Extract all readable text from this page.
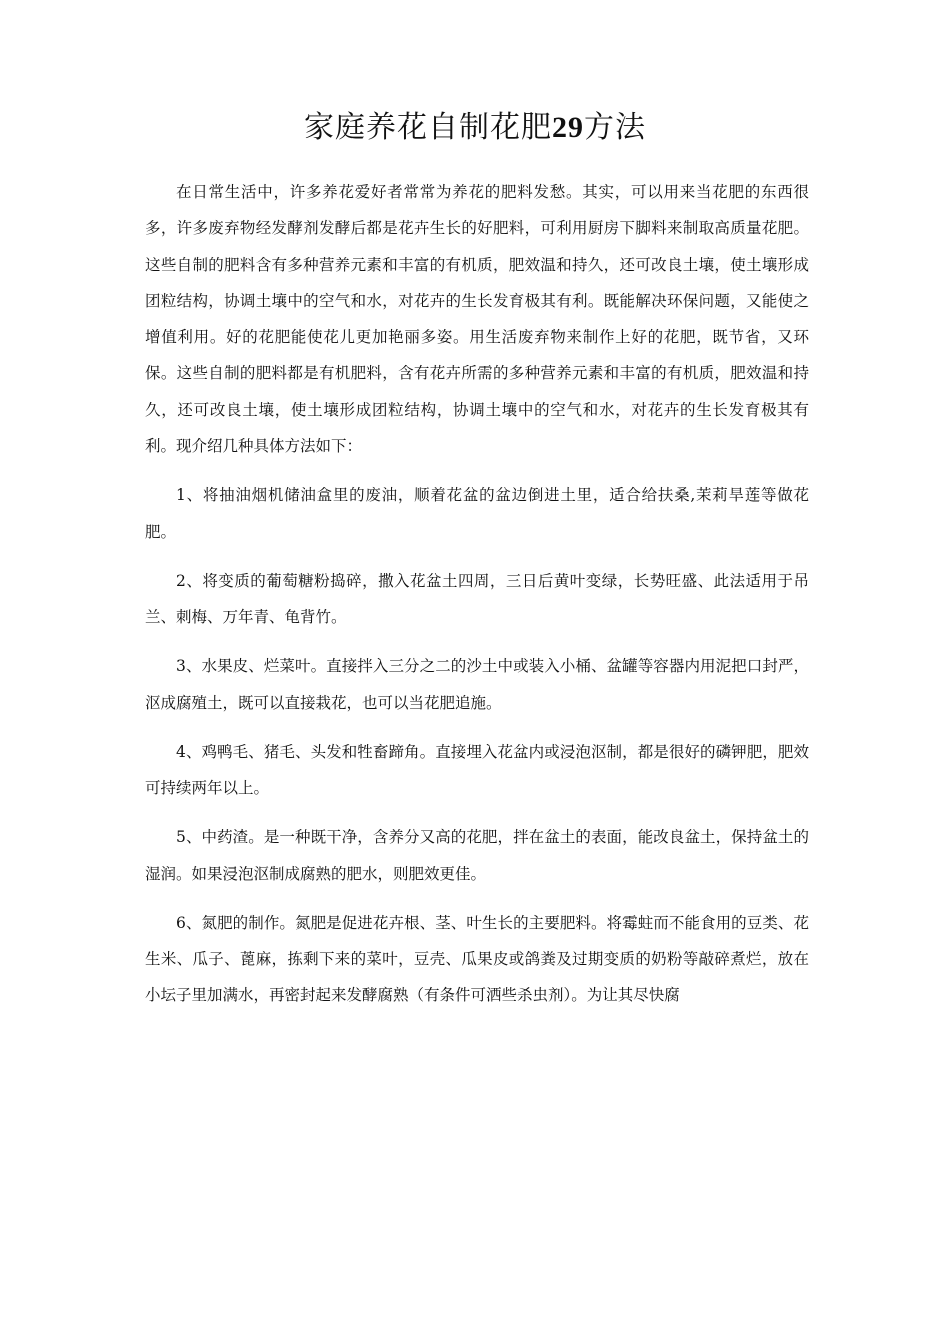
家庭养花自制花肥29方法

在日常生活中，许多养花爱好者常常为养花的肥料发愁。其实，可以用来当花肥的东西很多，许多废弃物经发酵剂发酵后都是花卉生长的好肥料，可利用厨房下脚料来制取高质量花肥。这些自制的肥料含有多种营养元素和丰富的有机质，肥效温和持久，还可改良土壤，使土壤形成团粒结构，协调土壤中的空气和水，对花卉的生长发育极其有利。既能解决环保问题，又能使之增值利用。好的花肥能使花儿更加艳丽多姿。用生活废弃物来制作上好的花肥，既节省，又环保。这些自制的肥料都是有机肥料，含有花卉所需的多种营养元素和丰富的有机质，肥效温和持久，还可改良土壤，使土壤形成团粒结构，协调土壤中的空气和水，对花卉的生长发育极其有利。现介绍几种具体方法如下：

1、将抽油烟机储油盒里的废油，顺着花盆的盆边倒进土里，适合给扶桑,茉莉旱莲等做花肥。

2、将变质的葡萄糖粉捣碎，撒入花盆土四周，三日后黄叶变绿，长势旺盛、此法适用于吊兰、刺梅、万年青、龟背竹。

3、水果皮、烂菜叶。直接拌入三分之二的沙土中或装入小桶、盆罐等容器内用泥把口封严，沤成腐殖土，既可以直接栽花，也可以当花肥追施。

4、鸡鸭毛、猪毛、头发和牲畜蹄角。直接埋入花盆内或浸泡沤制，都是很好的磷钾肥，肥效可持续两年以上。

5、中药渣。是一种既干净，含养分又高的花肥，拌在盆土的表面，能改良盆土，保持盆土的湿润。如果浸泡沤制成腐熟的肥水，则肥效更佳。

6、氮肥的制作。氮肥是促进花卉根、茎、叶生长的主要肥料。将霉蛀而不能食用的豆类、花生米、瓜子、蓖麻，拣剩下来的菜叶，豆壳、瓜果皮或鸽粪及过期变质的奶粉等敲碎煮烂，放在小坛子里加满水，再密封起来发酵腐熟（有条件可洒些杀虫剂）。为让其尽快腐
